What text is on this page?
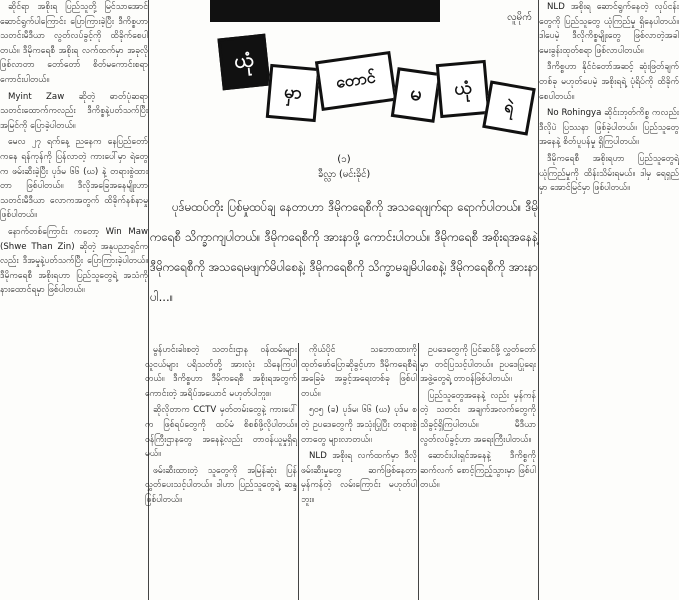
ဆိုင်ရာ အစိုးရ ပြည်သူတို့ မြင်သာအောင် ဆောင်ရွက်ပါကြောင်း ပြောကြားခဲ့ပြီး ဒီကိစ္စဟာ သတင်းမီဒီယာ လွတ်လပ်ခွင့်ကို ထိခိုက်စေပါတယ်။ ဒီမိုကရေစီ အစိုးရ လက်ထက်မှာ အခုလိုဖြစ်လာတာ တော်တော် စိတ်မကောင်းစရာ ကောင်းပါတယ်။

Myint Zaw ဆိုတဲ့ ဓာတ်ပုံဆရာ သတင်းထောက်ကလည်း ဒီကိစ္စနဲ့ပတ်သက်ပြီး အမြင်ကို ပြောခဲ့ပါတယ်။

မေလ ၂၇ ရက်နေ့ ညနေက နေပြည်တော် ကနေ ရန်ကုန်ကို ပြန်လာတဲ့ ကားပေါ်မှာ ရဲတွေက ဖမ်းဆီးခဲ့ပြီး ပုဒ်မ ၆၆ (ဃ) နဲ့ တရားစွဲထားတာ ဖြစ်ပါတယ်။ ဒီလိုအခြေအနေမျိုးဟာ သတင်းမီဒီယာ လောကအတွက် ထိခိုက်နစ်နာမှု ဖြစ်ပါတယ်။

နောက်တစ်ကြောင်း ကတော့ Win Maw (Shwe Than Zin) ဆိုတဲ့ အနုပညာရှင်ကလည်း ဒီအမှုနဲ့ပတ်သက်ပြီး ပြောကြားခဲ့ပါတယ်။ ဒီမိုကရေစီ အစိုးရဟာ ပြည်သူတွေရဲ့ အသံကို နားထောင်ရမှာ ဖြစ်ပါတယ်။

ယုံ
မှာ
တောင်
မ	ယုံ
ရဲ
လူမိုက်
(၁)
ခီလ္လာ (မင်းခိုင်)

ပုဒ်မထပ်တိုး ပြစ်မှုထပ်ချ နေတာဟာ ဒီမိုကရေစီကို အသရေဖျက်ရာ ရောက်ပါတယ်။ ဒီမိုကရေစီ သိက္ခာကျပါတယ်။ ဒီမိုကရေစီကို အားနာဖို့ ကောင်းပါတယ်။ ဒီမိုကရေစီ အစိုးရအနေနဲ့ ဒီမိုကရေစီကို အသရေမဖျက်မိပါစေနဲ့၊ ဒီမိုကရေစီကို သိက္ခာမချမိပါစေနဲ့၊ ဒီမိုကရေစီကို အားနာပါ...။

မွန်ဟင်းခါးစတဲ့ သတင်းဌာန ဝန်ထမ်းများ လူငယ်များ ပရိသတ်တို့ အားလုံး သိနေကြပါတယ်။ ဒီကိစ္စဟာ ဒီမိုကရေစီ အစိုးရအတွက် ကောင်းတဲ့ အရိပ်အယောင် မဟုတ်ပါဘူး။

ဆိုလိုတာက CCTV မှတ်တမ်းတွေနဲ့ ကားပေါ်က ဖြစ်ရပ်တွေကို ထပ်မံ စိစစ်ဖို့လိုပါတယ်။ ဝန်ကြီးဌာနတွေ အနေနဲ့လည်း တာဝန်ယူမှုရှိရမယ်။

ဖမ်းဆီးထားတဲ့ သူတွေကို အမြန်ဆုံး ပြန်လွှတ်ပေးသင့်ပါတယ်။ ဒါဟာ ပြည်သူတွေရဲ့ ဆန္ဒဖြစ်ပါတယ်။

ကိုယ်ပိုင် သဘောထားကို ထုတ်ဖော်ပြောဆိုခွင့်ဟာ ဒီမိုကရေစီရဲ့ အခြေခံ အခွင့်အရေးတစ်ခု ဖြစ်ပါတယ်။

၅၀၅ (ခ) ပုဒ်မ၊ ၆၆ (ဃ) ပုဒ်မ စတဲ့ ဥပဒေတွေကို အသုံးပြုပြီး တရားစွဲတာတွေ များလာတယ်။

NLD အစိုးရ လက်ထက်မှာ ဒီလို ဖမ်းဆီးမှုတွေ ဆက်ဖြစ်နေတာ မှန်ကန်တဲ့ လမ်းကြောင်း မဟုတ်ပါဘူး။

ဥပဒေတွေကို ပြင်ဆင်ဖို့ လွှတ်တော်မှာ တင်ပြသင့်ပါတယ်။ ဥပဒေပြုရေး အဖွဲ့တွေရဲ့ တာဝန်ဖြစ်ပါတယ်။

ပြည်သူတွေအနေနဲ့ လည်း မှန်ကန်တဲ့ သတင်း အချက်အလက်တွေကို သိခွင့်ရှိကြပါတယ်။ မီဒီယာ လွတ်လပ်ခွင့်ဟာ အရေးကြီးပါတယ်။

ဆောင်းပါးရှင်အနေနဲ့ ဒီကိစ္စကို ဆက်လက် စောင့်ကြည့်သွားမှာ ဖြစ်ပါတယ်။

NLD အစိုးရ ဆောင်ရွက်နေတဲ့ လုပ်ငန်းတွေကို ပြည်သူတွေ ယုံကြည်မှု ရှိနေပါတယ်။ ဒါပေမဲ့ ဒီလိုကိစ္စမျိုးတွေ ဖြစ်လာတဲ့အခါ မေးခွန်းထုတ်စရာ ဖြစ်လာပါတယ်။

ဒီကိစ္စဟာ နိုင်ငံတော်အဆင့် ဆုံးဖြတ်ချက်တစ်ခု မဟုတ်ပေမဲ့ အစိုးရရဲ့ ပုံရိပ်ကို ထိခိုက်စေပါတယ်။

No Rohingya ဆိုင်းဘုတ်ကိစ္စ ကလည်း ဒီလိုပဲ ပြဿနာ ဖြစ်ခဲ့ပါတယ်။ ပြည်သူတွေ အနေနဲ့ စိတ်ပူပန်မှု ရှိကြပါတယ်။

ဒီမိုကရေစီ အစိုးရဟာ ပြည်သူတွေရဲ့ ယုံကြည်မှုကို ထိန်းသိမ်းရမယ်။ ဒါမှ ရေရှည်မှာ အောင်မြင်မှာ ဖြစ်ပါတယ်။
